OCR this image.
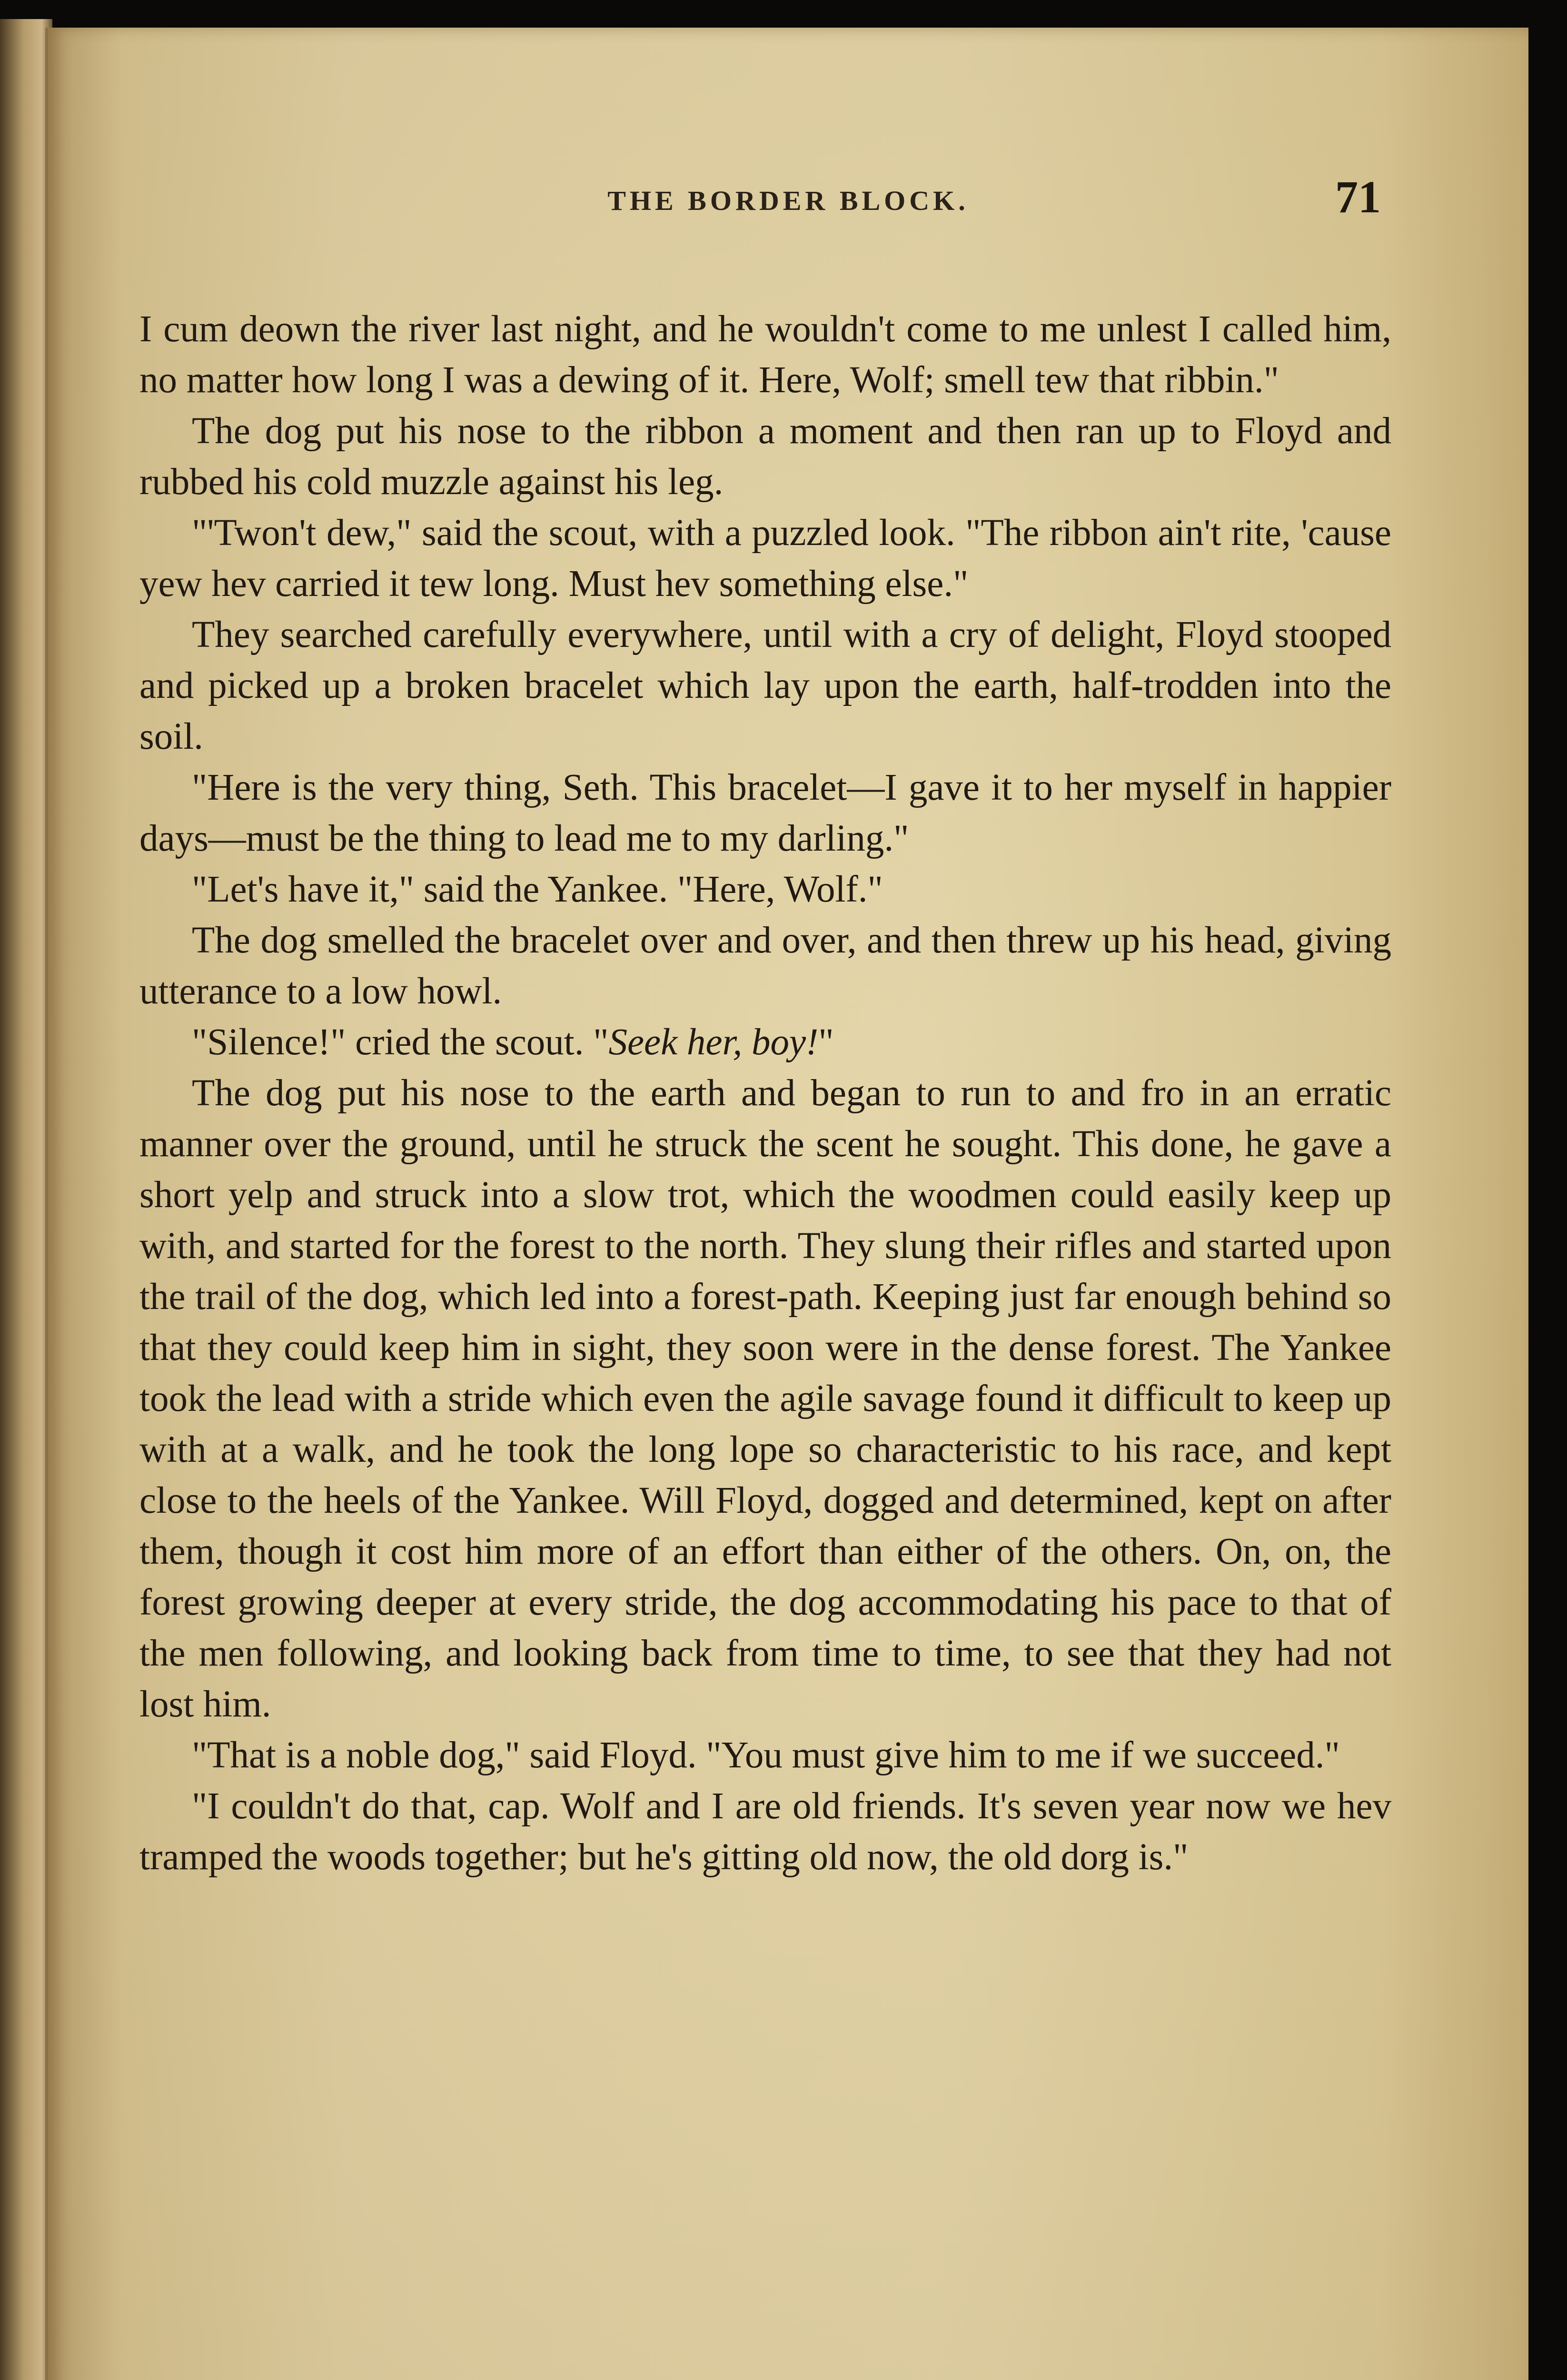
THE BORDER BLOCK.	71

I cum deown the river last night, and he wouldn't come to me unlest I called him, no matter how long I was a dewing of it. Here, Wolf; smell tew that ribbin."

The dog put his nose to the ribbon a moment and then ran up to Floyd and rubbed his cold muzzle against his leg.

"'Twon't dew," said the scout, with a puzzled look. "The ribbon ain't rite, 'cause yew hev carried it tew long. Must hev something else."

They searched carefully everywhere, until with a cry of delight, Floyd stooped and picked up a broken bracelet which lay upon the earth, half-trodden into the soil.

"Here is the very thing, Seth. This bracelet—I gave it to her myself in happier days—must be the thing to lead me to my darling."

"Let's have it," said the Yankee. "Here, Wolf."

The dog smelled the bracelet over and over, and then threw up his head, giving utterance to a low howl.

"Silence!" cried the scout. "Seek her, boy!"

The dog put his nose to the earth and began to run to and fro in an erratic manner over the ground, until he struck the scent he sought. This done, he gave a short yelp and struck into a slow trot, which the woodmen could easily keep up with, and started for the forest to the north. They slung their rifles and started upon the trail of the dog, which led into a forest-path. Keeping just far enough behind so that they could keep him in sight, they soon were in the dense forest. The Yankee took the lead with a stride which even the agile savage found it difficult to keep up with at a walk, and he took the long lope so characteristic to his race, and kept close to the heels of the Yankee. Will Floyd, dogged and determined, kept on after them, though it cost him more of an effort than either of the others. On, on, the forest growing deeper at every stride, the dog accommodating his pace to that of the men following, and looking back from time to time, to see that they had not lost him.

"That is a noble dog," said Floyd. "You must give him to me if we succeed."

"I couldn't do that, cap. Wolf and I are old friends. It's seven year now we hev tramped the woods together; but he's gitting old now, the old dorg is."
